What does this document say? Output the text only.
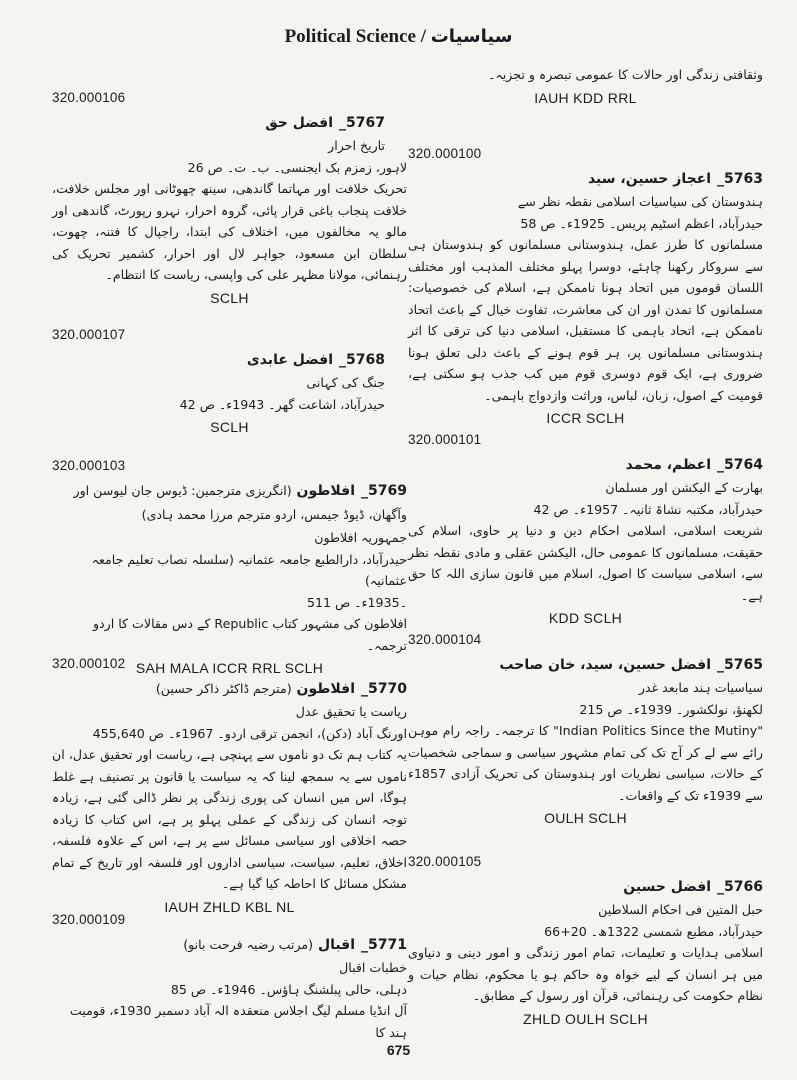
Political Science / سیاسیات

320.000106

5767_افضل حق

تاریخ احرار

لاہور، زمزم بک ایجنسی۔ ب۔ ت۔ ص 26

تحریک خلافت اور مہاتما گاندھی، سینھ چھوٹانی اور مجلس خلافت، خلافت پنجاب باغی قرار پائی، گروہ احرار، نہرو رپورٹ، گاندھی اور مالو یہ مخالفوں میں، اختلاف کی ابتدا، راجپال کا فتنہ، چھوت، سلطان ابن مسعود، جواہر لال اور احرار، کشمیر تحریک کی رہنمائی، مولانا مظہر علی کی واپسی، ریاست کا انتظام۔

SCLH

320.000107

5768_افضل عابدی

جنگ کی کہانی

حیدرآباد، اشاعت گھر۔ 1943ء۔ ص 42

SCLH

320.000103

5769_افلاطون (انگریزی مترجمین: ڈیوس جان لیوسن اور وآگھان، ڈیوڈ جیمس، اردو مترجم مرزا محمد ہادی)

جمہوریہ افلاطون

حیدرآباد، دارالطبع جامعہ عثمانیہ (سلسلہ نصاب تعلیم جامعہ عثمانیہ)

۔1935ء۔ ص 511

افلاطون کی مشہور کتاب Republic کے دس مقالات کا اردو ترجمہ۔

SAH MALA ICCR RRL SCLH

320.000102

5770_افلاطون (مترجم ڈاکٹر ذاکر حسین)

ریاست یا تحقیق عدل

اورنگ آباد (دکن)، انجمن ترقی اردو۔ 1967ء۔ ص 455,640

یہ کتاب ہم تک دو ناموں سے پہنچی ہے، ریاست اور تحقیق عدل، ان ناموں سے یہ سمجھ لینا کہ یہ سیاست یا قانون پر تصنیف ہے غلط ہوگا، اس میں انسان کی پوری زندگی پر نظر ڈالی گئی ہے، زیادہ توجہ انسان کی زندگی کے عملی پہلو پر ہے، اس کتاب کا زیادہ حصہ اخلاقی اور سیاسی مسائل سے پر ہے، اس کے علاوہ فلسفہ، اخلاق، تعلیم، سیاست، سیاسی اداروں اور فلسفہ اور تاریخ کے تمام مشکل مسائل کا احاطہ کیا گیا ہے۔

IAUH ZHLD KBL NL

320.000109

5771_اقبال (مرتب رضیہ فرحت بانو)

خطبات اقبال

دہلی، حالی پبلشنگ ہاؤس۔ 1946ء۔ ص 85

آل انڈیا مسلم لیگ اجلاس منعقدہ الہ آباد دسمبر 1930ء، قومیت ہند کا

وثقافتی زندگی اور حالات کا عمومی تبصرہ و تجزیہ۔

IAUH KDD RRL

320.000100

5763_اعجاز حسین، سید

ہندوستان کی سیاسیات اسلامی نقطہ نظر سے

حیدرآباد، اعظم اسٹیم پریس۔ 1925ء۔ ص 58

مسلمانوں کا طرز عمل، ہندوستانی مسلمانوں کو ہندوستان ہی سے سروکار رکھنا چاہئے، دوسرا پہلو مختلف المذہب اور مختلف اللسان قوموں میں اتحاد ہونا ناممکن ہے، اسلام کی خصوصیات: مسلمانوں کا تمدن اور ان کی معاشرت، تفاوت خیال کے باعث اتحاد ناممکن ہے، اتحاد باہمی کا مستقبل، اسلامی دنیا کی ترقی کا اثر ہندوستانی مسلمانوں پر، ہر قوم ہونے کے باعث دلی تعلق ہونا ضروری ہے، ایک قوم دوسری قوم میں کب جذب ہو سکتی ہے، قومیت کے اصول، زبان، لباس، وراثت وازدواج باہمی۔

ICCR SCLH

320.000101

5764_اعظم، محمد

بھارت کے الیکشن اور مسلمان

حیدرآباد، مکتبہ نشاۃ ثانیہ۔ 1957ء۔ ص 42

شریعت اسلامی، اسلامی احکام دین و دنیا پر حاوی، اسلام کی حقیقت، مسلمانوں کا عمومی حال، الیکشن عقلی و مادی نقطہ نظر سے، اسلامی سیاست کا اصول، اسلام میں قانون سازی اللہ کا حق ہے۔

KDD SCLH

320.000104

5765_افضل حسین، سید، خان صاحب

سیاسیات ہند مابعد غدر

لکھنؤ، نولکشور۔ 1939ء۔ ص 215

"Indian Politics Since the Mutiny" کا ترجمہ۔ راجہ رام موہن رائے سے لے کر آج تک کی تمام مشہور سیاسی و سماجی شخصیات کے حالات، سیاسی نظریات اور ہندوستان کی تحریک آزادی 1857ء سے 1939ء تک کے واقعات۔

OULH SCLH

320.000105

5766_افضل حسین

حبل المتین فی احکام السلاطین

حیدرآباد، مطبع شمسی 1322ھ۔ 20+66

اسلامی ہدایات و تعلیمات، تمام امور زندگی و امور دینی و دنیاوی میں ہر انسان کے لیے خواہ وہ حاکم ہو یا محکوم، نظام حیات و نظام حکومت کی رہنمائی، قرآن اور رسول کے مطابق۔

ZHLD OULH SCLH

675
